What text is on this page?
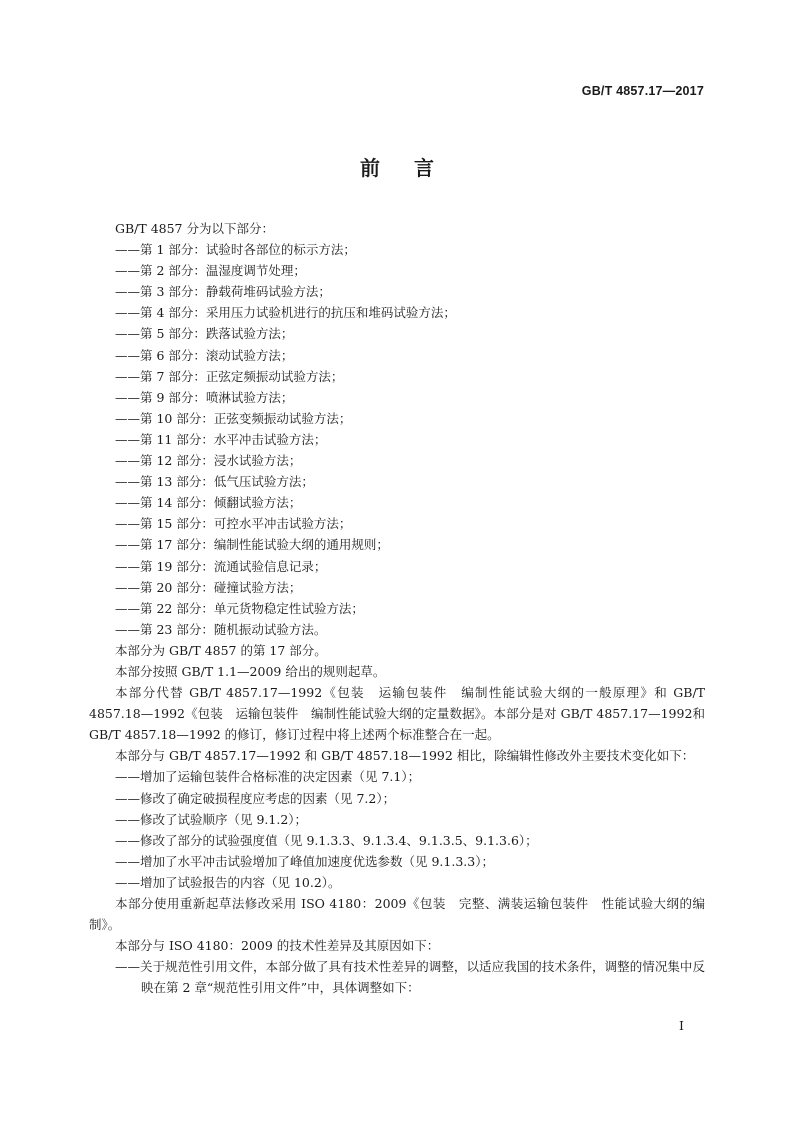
GB/T 4857.17—2017
前言
GB/T 4857 分为以下部分：
——第 1 部分：试验时各部位的标示方法；
——第 2 部分：温湿度调节处理；
——第 3 部分：静载荷堆码试验方法；
——第 4 部分：采用压力试验机进行的抗压和堆码试验方法；
——第 5 部分：跌落试验方法；
——第 6 部分：滚动试验方法；
——第 7 部分：正弦定频振动试验方法；
——第 9 部分：喷淋试验方法；
——第 10 部分：正弦变频振动试验方法；
——第 11 部分：水平冲击试验方法；
——第 12 部分：浸水试验方法；
——第 13 部分：低气压试验方法；
——第 14 部分：倾翻试验方法；
——第 15 部分：可控水平冲击试验方法；
——第 17 部分：编制性能试验大纲的通用规则；
——第 19 部分：流通试验信息记录；
——第 20 部分：碰撞试验方法；
——第 22 部分：单元货物稳定性试验方法；
——第 23 部分：随机振动试验方法。
本部分为 GB/T 4857 的第 17 部分。
本部分按照 GB/T 1.1—2009 给出的规则起草。
本部分代替 GB/T 4857.17—1992《包装　运输包装件　编制性能试验大纲的一般原理》和 GB/T 4857.18—1992《包装　运输包装件　编制性能试验大纲的定量数据》。本部分是对 GB/T 4857.17—1992和 GB/T 4857.18—1992 的修订，修订过程中将上述两个标准整合在一起。
本部分与 GB/T 4857.17—1992 和 GB/T 4857.18—1992 相比，除编辑性修改外主要技术变化如下：
——增加了运输包装件合格标准的决定因素（见 7.1）；
——修改了确定破损程度应考虑的因素（见 7.2）；
——修改了试验顺序（见 9.1.2）；
——修改了部分的试验强度值（见 9.1.3.3、9.1.3.4、9.1.3.5、9.1.3.6）；
——增加了水平冲击试验增加了峰值加速度优选参数（见 9.1.3.3）；
——增加了试验报告的内容（见 10.2）。
本部分使用重新起草法修改采用 ISO 4180：2009《包装　完整、满装运输包装件　性能试验大纲的编制》。
本部分与 ISO 4180：2009 的技术性差异及其原因如下：
——关于规范性引用文件，本部分做了具有技术性差异的调整，以适应我国的技术条件，调整的情况集中反映在第 2 章“规范性引用文件”中，具体调整如下：
I
